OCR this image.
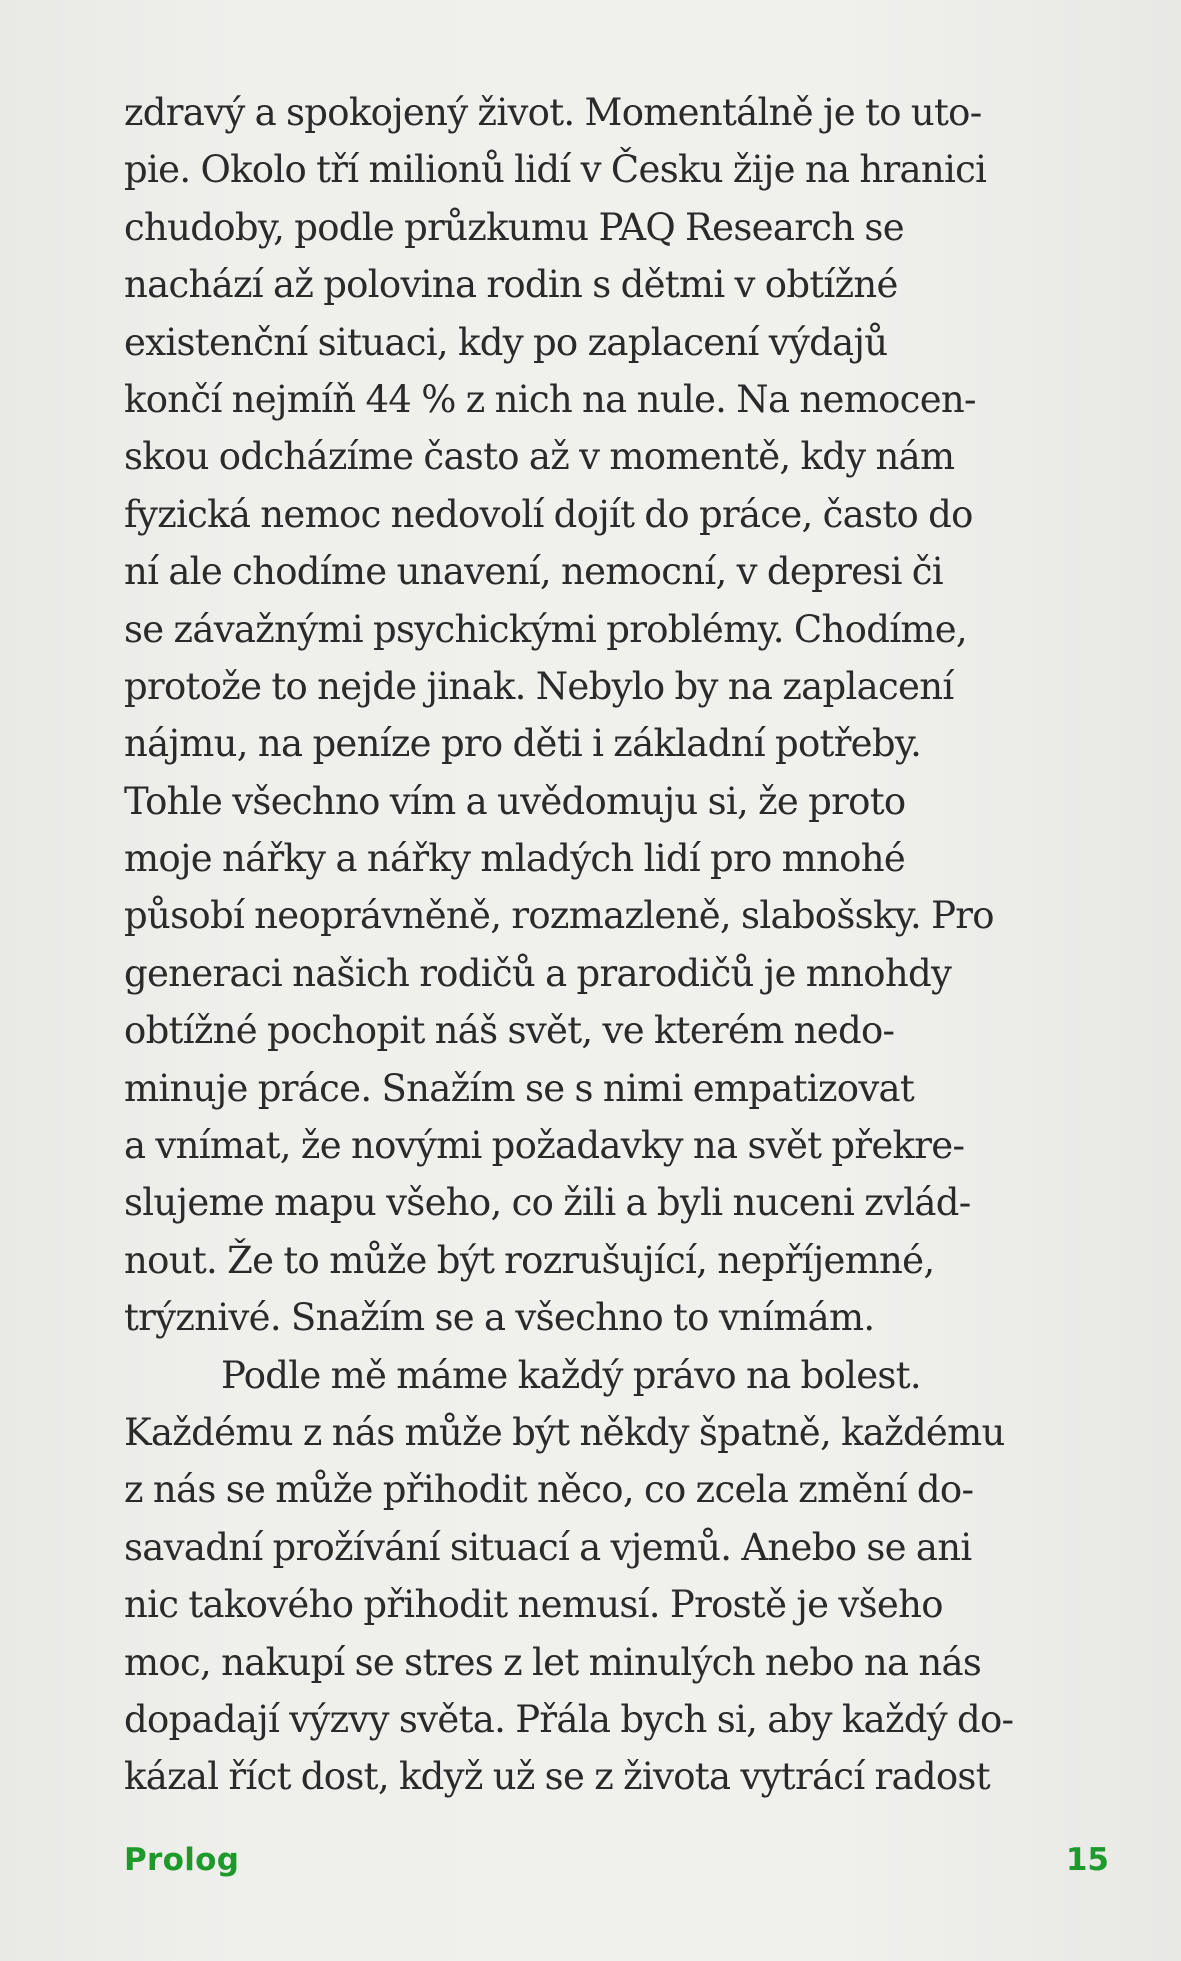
zdravý a spokojený život. Momentálně je to uto-
pie. Okolo tří milionů lidí v Česku žije na hranici
chudoby, podle průzkumu PAQ Research se
nachází až polovina rodin s dětmi v obtížné
existenční situaci, kdy po zaplacení výdajů
končí nejmíň 44 % z nich na nule. Na nemocen-
skou odcházíme často až v momentě, kdy nám
fyzická nemoc nedovolí dojít do práce, často do
ní ale chodíme unavení, nemocní, v depresi či
se závažnými psychickými problémy. Chodíme,
protože to nejde jinak. Nebylo by na zaplacení
nájmu, na peníze pro děti i základní potřeby.
Tohle všechno vím a uvědomuju si, že proto
moje nářky a nářky mladých lidí pro mnohé
působí neoprávněně, rozmazleně, slabošsky. Pro
generaci našich rodičů a prarodičů je mnohdy
obtížné pochopit náš svět, ve kterém nedo-
minuje práce. Snažím se s nimi empatizovat
a vnímat, že novými požadavky na svět překre-
slujeme mapu všeho, co žili a byli nuceni zvlád-
nout. Že to může být rozrušující, nepříjemné,
trýznivé. Snažím se a všechno to vnímám.
Podle mě máme každý právo na bolest.
Každému z nás může být někdy špatně, každému
z nás se může přihodit něco, co zcela změní do-
savadní prožívání situací a vjemů. Anebo se ani
nic takového přihodit nemusí. Prostě je všeho
moc, nakupí se stres z let minulých nebo na nás
dopadají výzvy světa. Přála bych si, aby každý do-
kázal říct dost, když už se z života vytrácí radost
Prolog	15
